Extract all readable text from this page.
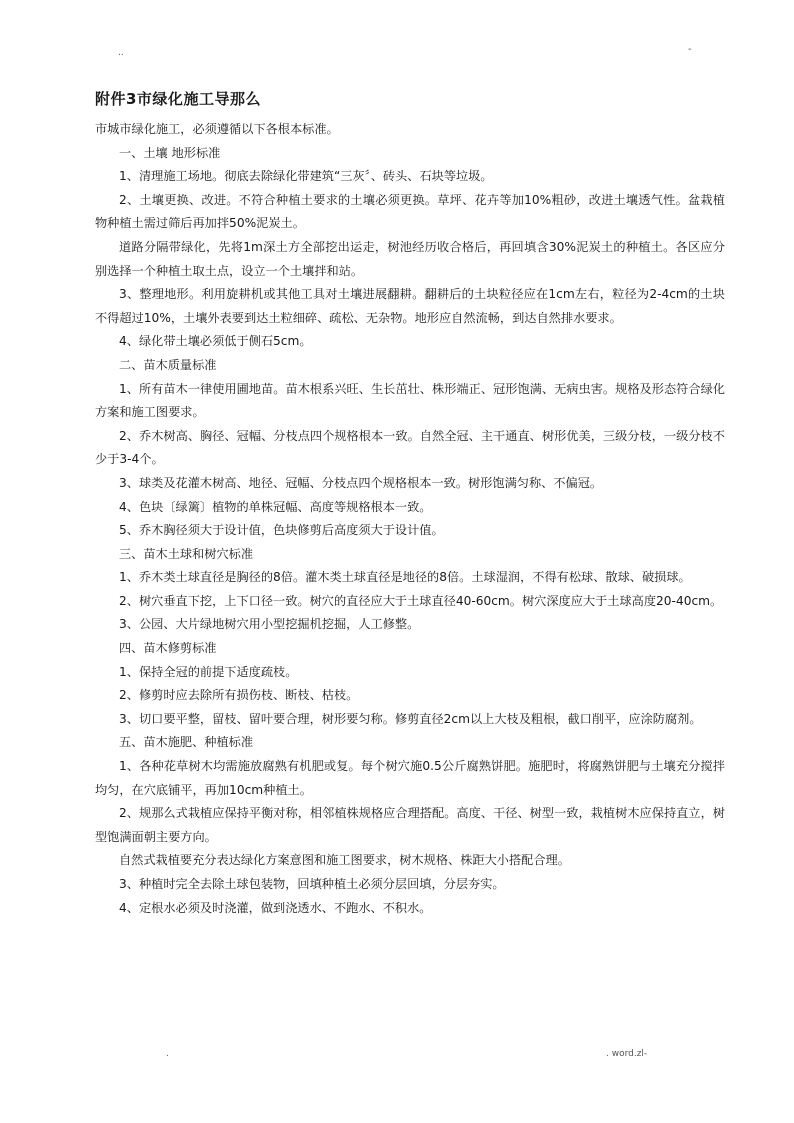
..	-
附件3市绿化施工导那么

市城市绿化施工，必须遵循以下各根本标准。

一、土壤 地形标准

1、清理施工场地。彻底去除绿化带建筑“三灰〞、砖头、石块等垃圾。

2、土壤更换、改进。不符合种植土要求的土壤必须更换。草坪、花卉等加10%粗砂，改进土壤透气性。盆栽植物种植土需过筛后再加拌50%泥炭土。

道路分隔带绿化，先将1m深土方全部挖出运走，树池经历收合格后，再回填含30%泥炭土的种植土。各区应分别选择一个种植土取土点，设立一个土壤拌和站。

3、整理地形。利用旋耕机或其他工具对土壤进展翻耕。翻耕后的土块粒径应在1cm左右，粒径为2-4cm的土块不得超过10%，土壤外表要到达土粒细碎、疏松、无杂物。地形应自然流畅，到达自然排水要求。

4、绿化带土壤必须低于侧石5cm。

二、苗木质量标准

1、所有苗木一律使用圃地苗。苗木根系兴旺、生长茁壮、株形端正、冠形饱满、无病虫害。规格及形态符合绿化方案和施工图要求。

2、乔木树高、胸径、冠幅、分枝点四个规格根本一致。自然全冠、主干通直、树形优美，三级分枝，一级分枝不少于3-4个。

3、球类及花灌木树高、地径、冠幅、分枝点四个规格根本一致。树形饱满匀称、不偏冠。

4、色块〔绿篱〕植物的单株冠幅、高度等规格根本一致。

5、乔木胸径须大于设计值，色块修剪后高度须大于设计值。

三、苗木土球和树穴标准

1、乔木类土球直径是胸径的8倍。灌木类土球直径是地径的8倍。土球湿润，不得有松球、散球、破损球。

2、树穴垂直下挖，上下口径一致。树穴的直径应大于土球直径40-60cm。树穴深度应大于土球高度20-40cm。

3、公园、大片绿地树穴用小型挖掘机挖掘，人工修整。

四、苗木修剪标准

1、保持全冠的前提下适度疏枝。

2、修剪时应去除所有损伤枝、断枝、枯枝。

3、切口要平整，留枝、留叶要合理，树形要匀称。修剪直径2cm以上大枝及粗根，截口削平，应涂防腐剂。

五、苗木施肥、种植标准

1、各种花草树木均需施放腐熟有机肥或复。每个树穴施0.5公斤腐熟饼肥。施肥时，将腐熟饼肥与土壤充分搅拌均匀，在穴底铺平，再加10cm种植土。

2、规那么式栽植应保持平衡对称，相邻植株规格应合理搭配。高度、干径、树型一致，栽植树木应保持直立，树型饱满面朝主要方向。

自然式栽植要充分表达绿化方案意图和施工图要求，树木规格、株距大小搭配合理。

3、种植时完全去除土球包装物，回填种植土必须分层回填，分层夯实。

4、定根水必须及时浇灌，做到浇透水、不跑水、不积水。

.	. word.zl-
